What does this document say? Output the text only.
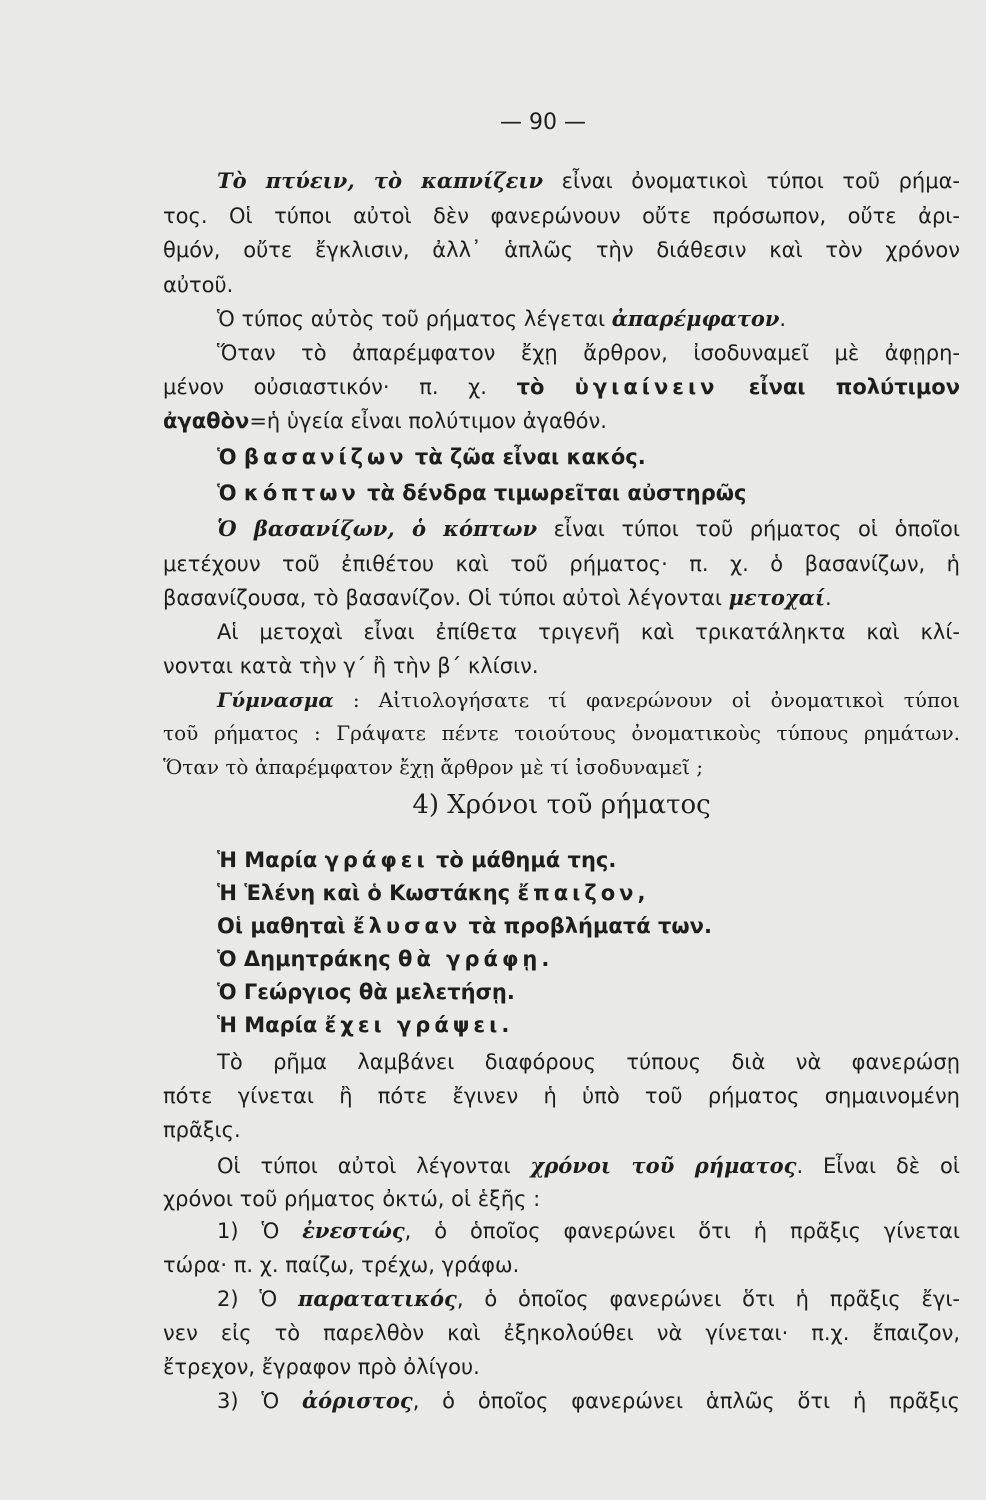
— 90 —
Τὸ πτύειν, τὸ καπνίζειν εἶναι ὀνοματικοὶ τύποι τοῦ ρήμα-
τος. Οἱ τύποι αὐτοὶ δὲν φανερώνουν οὔτε πρόσωπον, οὔτε ἀρι-
θμόν, οὔτε ἔγκλισιν, ἀλλ᾿ ἁπλῶς τὴν διάθεσιν καὶ τὸν χρόνον
αὐτοῦ.
Ὁ τύπος αὐτὸς τοῦ ρήματος λέγεται ἀπαρέμφατον.
Ὅταν τὸ ἀπαρέμφατον ἔχῃ ἄρθρον, ἰσοδυναμεῖ μὲ ἀφῃρη-
μένον οὐσιαστικόν· π. χ. τὸ ὑγιαίνειν εἶναι πολύτιμον
ἀγαθὸν=ἡ ὑγεία εἶναι πολύτιμον ἀγαθόν.
Ὁ βασανίζων τὰ ζῶα εἶναι κακός.
Ὁ κόπτων τὰ δένδρα τιμωρεῖται αὐστηρῶς
Ὁ βασανίζων, ὁ κόπτων εἶναι τύποι τοῦ ρήματος οἱ ὁποῖοι
μετέχουν τοῦ ἐπιθέτου καὶ τοῦ ρήματος· π. χ. ὁ βασανίζων, ἡ
βασανίζουσα, τὸ βασανίζον. Οἱ τύποι αὐτοὶ λέγονται μετοχαί.
Αἱ μετοχαὶ εἶναι ἐπίθετα τριγενῆ καὶ τρικατάληκτα καὶ κλί-
νονται κατὰ τὴν γ΄ ἢ τὴν β΄ κλίσιν.
Γύμνασμα : Αἰτιολογήσατε τί φανερώνουν οἱ ὀνοματικοὶ τύποι
τοῦ ρήματος : Γράψατε πέντε τοιούτους ὀνοματικοὺς τύπους ρημάτων.
Ὅταν τὸ ἀπαρέμφατον ἔχῃ ἄρθρον μὲ τί ἰσοδυναμεῖ ;
4) Χρόνοι τοῦ ρήματος
Ἡ Μαρία γράφει τὸ μάθημά της.
Ἡ Ἑλένη καὶ ὁ Κωστάκης ἔπαιζον,
Οἱ μαθηταὶ ἔλυσαν τὰ προβλήματά των.
Ὁ Δημητράκης θὰ γράφῃ.
Ὁ Γεώργιος θὰ μελετήσῃ.
Ἡ Μαρία ἔχει γράψει.
Τὸ ρῆμα λαμβάνει διαφόρους τύπους διὰ νὰ φανερώσῃ
πότε γίνεται ἢ πότε ἔγινεν ἡ ὑπὸ τοῦ ρήματος σημαινομένη
πρᾶξις.
Οἱ τύποι αὐτοὶ λέγονται χρόνοι τοῦ ρήματος. Εἶναι δὲ οἱ
χρόνοι τοῦ ρήματος ὀκτώ, οἱ ἑξῆς :
1) Ὁ ἐνεστώς, ὁ ὁποῖος φανερώνει ὅτι ἡ πρᾶξις γίνεται
τώρα· π. χ. παίζω, τρέχω, γράφω.
2) Ὁ παρατατικός, ὁ ὁποῖος φανερώνει ὅτι ἡ πρᾶξις ἔγι-
νεν εἰς τὸ παρελθὸν καὶ ἐξηκολούθει νὰ γίνεται· π.χ. ἔπαιζον,
ἔτρεχον, ἔγραφον πρὸ ὀλίγου.
3) Ὁ ἀόριστος, ὁ ὁποῖος φανερώνει ἁπλῶς ὅτι ἡ πρᾶξις
